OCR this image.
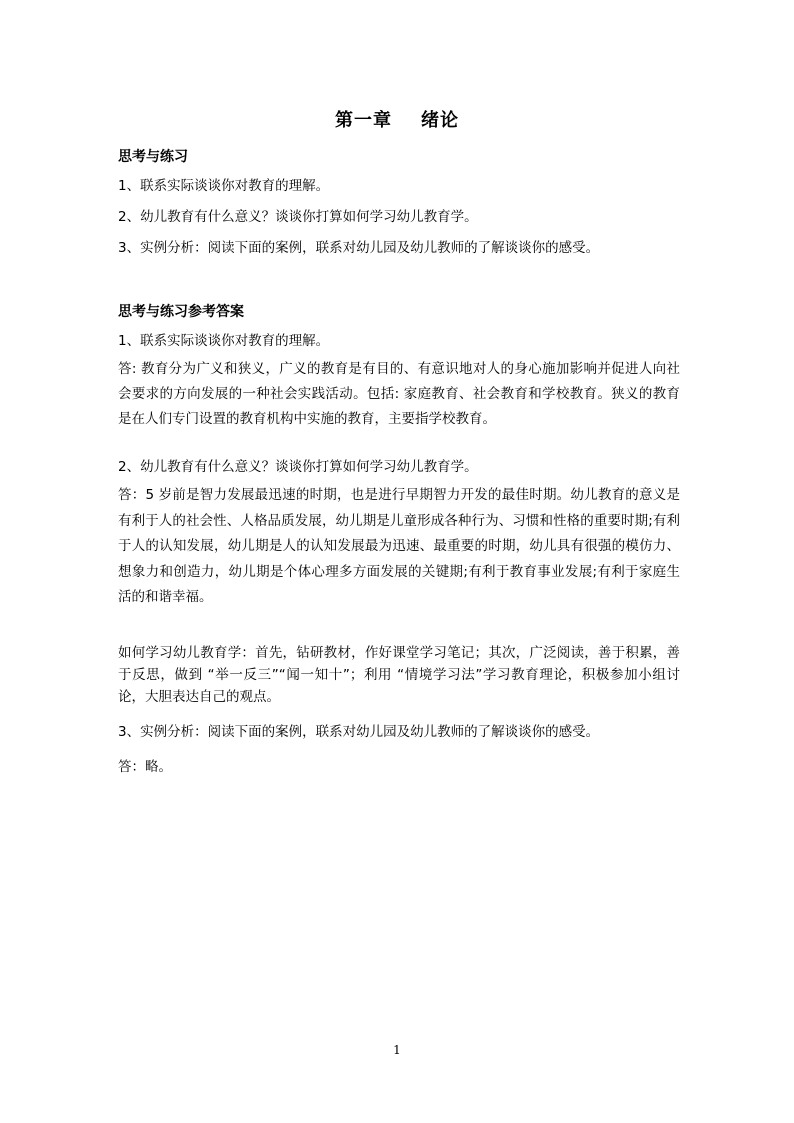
第一章    绪论
思考与练习
1、联系实际谈谈你对教育的理解。
2、幼儿教育有什么意义？谈谈你打算如何学习幼儿教育学。
3、实例分析：阅读下面的案例，联系对幼儿园及幼儿教师的了解谈谈你的感受。
思考与练习参考答案
1、联系实际谈谈你对教育的理解。
答: 教育分为广义和狭义，广义的教育是有目的、有意识地对人的身心施加影响并促进人向社会要求的方向发展的一种社会实践活动。包括: 家庭教育、社会教育和学校教育。狭义的教育是在人们专门设置的教育机构中实施的教育，主要指学校教育。
2、幼儿教育有什么意义？谈谈你打算如何学习幼儿教育学。
答：5 岁前是智力发展最迅速的时期，也是进行早期智力开发的最佳时期。幼儿教育的意义是有利于人的社会性、人格品质发展，幼儿期是儿童形成各种行为、习惯和性格的重要时期;有利于人的认知发展，幼儿期是人的认知发展最为迅速、最重要的时期，幼儿具有很强的模仿力、想象力和创造力，幼儿期是个体心理多方面发展的关键期;有利于教育事业发展;有利于家庭生活的和谐幸福。
如何学习幼儿教育学：首先，钻研教材，作好课堂学习笔记；其次，广泛阅读，善于积累，善于反思，做到 “举一反三”“闻一知十”；利用 “情境学习法”学习教育理论，积极参加小组讨论，大胆表达自己的观点。
3、实例分析：阅读下面的案例，联系对幼儿园及幼儿教师的了解谈谈你的感受。
答：略。
1
